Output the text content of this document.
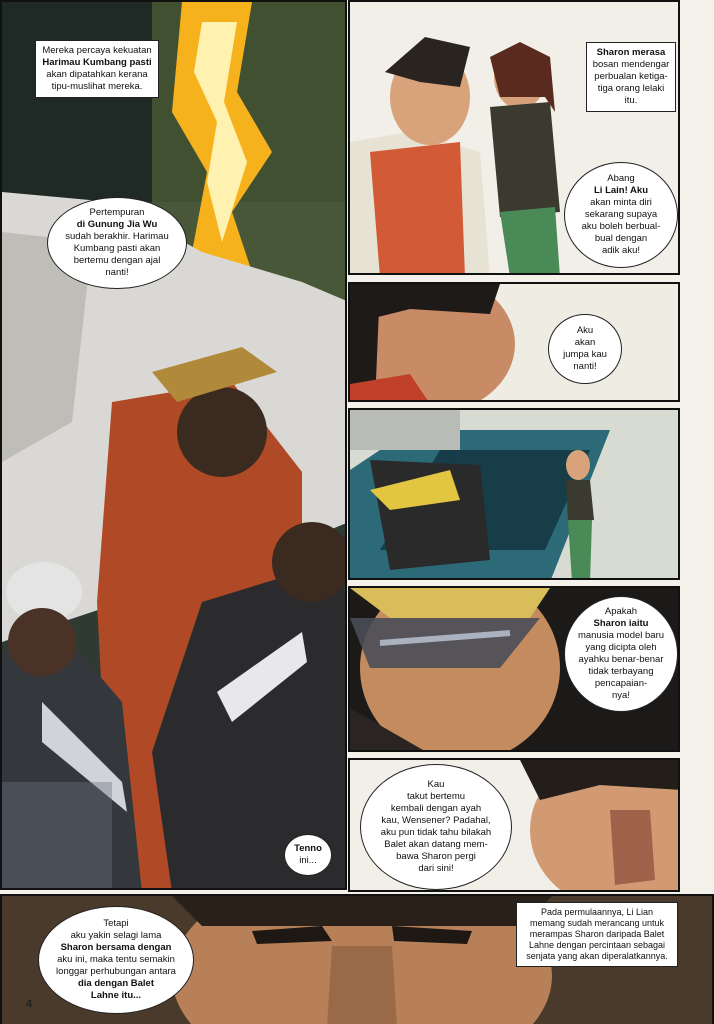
Mereka percaya kekuatan
Harimau Kumbang pasti
akan dipatahkan kerana
tipu-muslihat mereka.
Pertempuran
di Gunung Jia Wu
sudah berakhir. Harimau
Kumbang pasti akan
bertemu dengan ajal
nanti!
Tenno
ini...
Sharon merasa
bosan mendengar
perbualan ketiga-
tiga orang lelaki itu.
Abang
Li Lain! Aku
akan minta diri
sekarang supaya
aku boleh berbual-
bual dengan
adik aku!
Aku
akan
jumpa kau
nanti!
Apakah
Sharon iaitu
manusia model baru
yang dicipta oleh
ayahku benar-benar
tidak terbayang
pencapaian-
nya!
Kau
takut bertemu
kembali dengan ayah
kau, Wensener? Padahal,
aku pun tidak tahu bilakah
Balet akan datang mem-
bawa Sharon pergi
dari sini!
4
Tetapi
aku yakin selagi lama
Sharon bersama dengan
aku ini, maka tentu semakin
longgar perhubungan antara
dia dengan Balet
Lahne itu...
Pada permulaannya, Li Lian
memang sudah merancang untuk
merampas Sharon daripada Balet
Lahne dengan percintaan sebagai
senjata yang akan diperalatkannya.
